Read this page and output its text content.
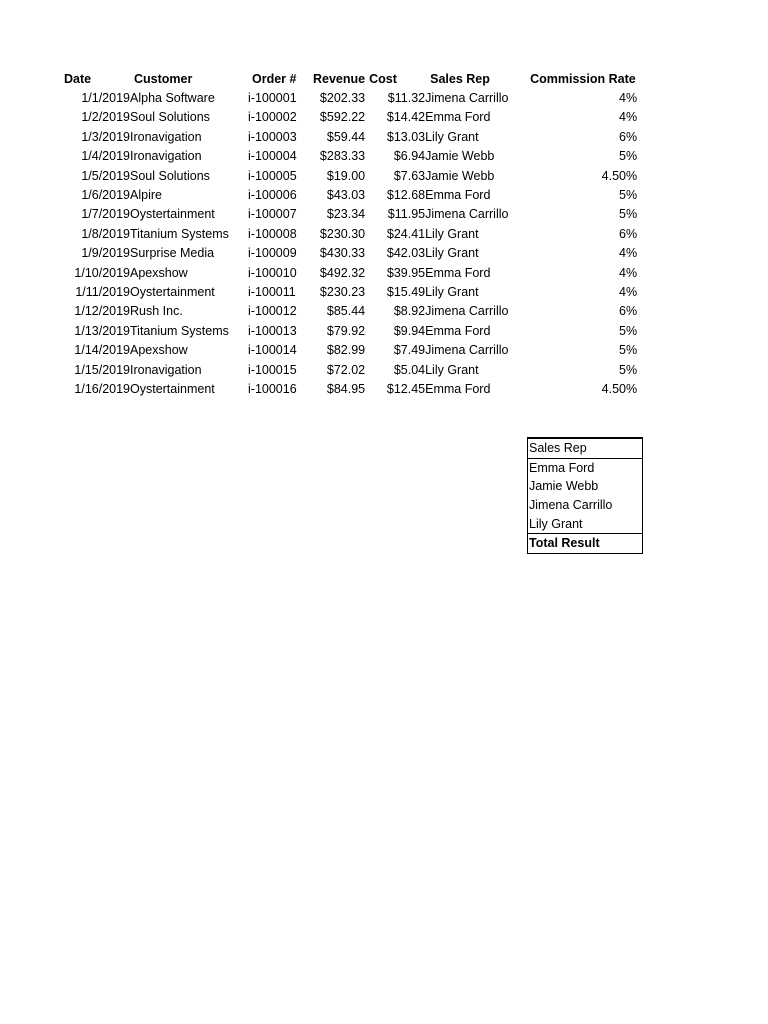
Date	Customer	Order #	Revenue	Cost	Sales Rep	Commission Rate
1/1/2019	Alpha Software	i-100001	$202.33	$11.32	Jimena Carrillo	4%
1/2/2019	Soul Solutions	i-100002	$592.22	$14.42	Emma Ford	4%
1/3/2019	Ironavigation	i-100003	$59.44	$13.03	Lily Grant	6%
1/4/2019	Ironavigation	i-100004	$283.33	$6.94	Jamie Webb	5%
1/5/2019	Soul Solutions	i-100005	$19.00	$7.63	Jamie Webb	4.50%
1/6/2019	Alpire	i-100006	$43.03	$12.68	Emma Ford	5%
1/7/2019	Oystertainment	i-100007	$23.34	$11.95	Jimena Carrillo	5%
1/8/2019	Titanium Systems	i-100008	$230.30	$24.41	Lily Grant	6%
1/9/2019	Surprise Media	i-100009	$430.33	$42.03	Lily Grant	4%
1/10/2019	Apexshow	i-100010	$492.32	$39.95	Emma Ford	4%
1/11/2019	Oystertainment	i-100011	$230.23	$15.49	Lily Grant	4%
1/12/2019	Rush Inc.	i-100012	$85.44	$8.92	Jimena Carrillo	6%
1/13/2019	Titanium Systems	i-100013	$79.92	$9.94	Emma Ford	5%
1/14/2019	Apexshow	i-100014	$82.99	$7.49	Jimena Carrillo	5%
1/15/2019	Ironavigation	i-100015	$72.02	$5.04	Lily Grant	5%
1/16/2019	Oystertainment	i-100016	$84.95	$12.45	Emma Ford	4.50%
Sales Rep
Emma Ford
Jamie Webb
Jimena Carrillo
Lily Grant
Total Result
